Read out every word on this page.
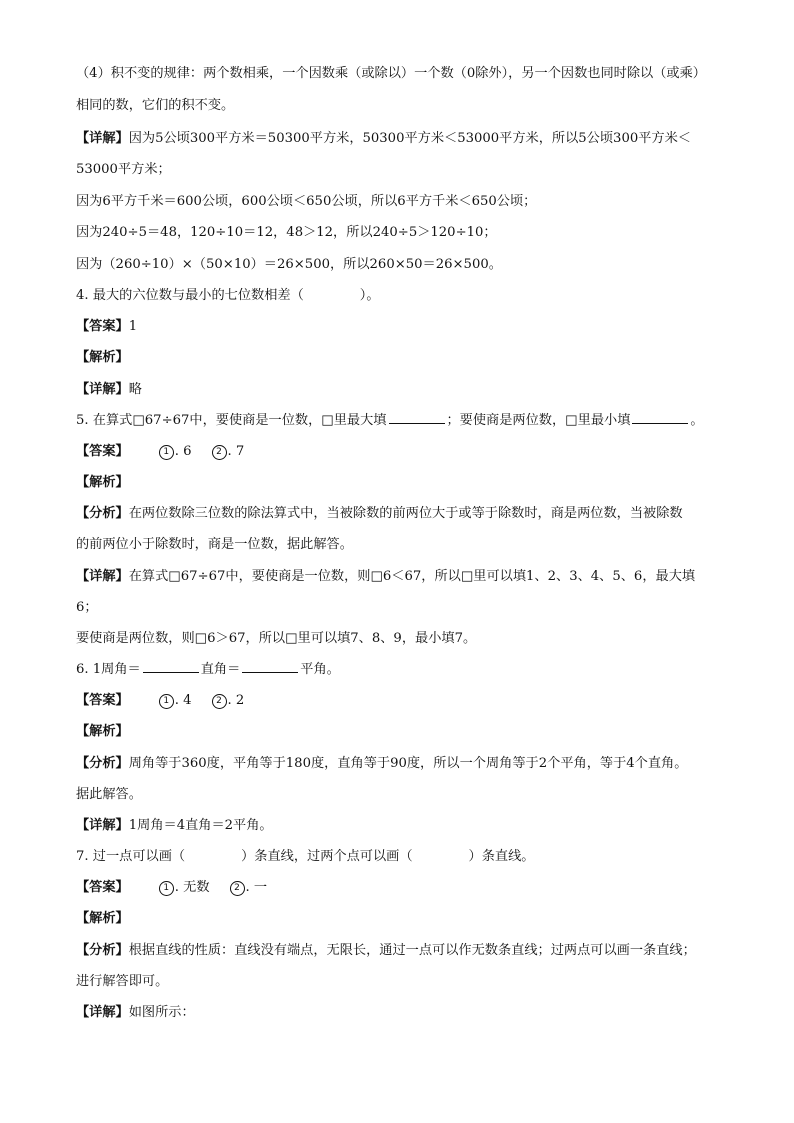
（4）积不变的规律：两个数相乘，一个因数乘（或除以）一个数（0除外），另一个因数也同时除以（或乘）
相同的数，它们的积不变。
【详解】因为5公顷300平方米＝50300平方米，50300平方米＜53000平方米，所以5公顷300平方米＜
53000平方米；
因为6平方千米＝600公顷，600公顷＜650公顷，所以6平方千米＜650公顷；
因为240÷5＝48，120÷10＝12，48＞12，所以240÷5＞120÷10；
因为（260÷10）×（50×10）＝26×500，所以260×50＝26×500。
4. 最大的六位数与最小的七位数相差（	）。
【答案】1
【解析】
【详解】略
5. 在算式□67÷67中，要使商是一位数，□里最大填	；要使商是两位数，□里最小填	。
【答案】	1 . 6	2 . 7
【解析】
【分析】在两位数除三位数的除法算式中，当被除数的前两位大于或等于除数时，商是两位数，当被除数
的前两位小于除数时，商是一位数，据此解答。
【详解】在算式□67÷67中，要使商是一位数，则□6＜67，所以□里可以填1、2、3、4、5、6，最大填
6；
要使商是两位数，则□6＞67，所以□里可以填7、8、9，最小填7。
6. 1周角＝	直角＝	平角。
【答案】	1 . 4	2 . 2
【解析】
【分析】周角等于360度，平角等于180度，直角等于90度，所以一个周角等于2个平角，等于4个直角。
据此解答。
【详解】1周角＝4直角＝2平角。
7. 过一点可以画（	）条直线，过两个点可以画（	）条直线。
【答案】	1 . 无数	2 . 一
【解析】
【分析】根据直线的性质：直线没有端点，无限长，通过一点可以作无数条直线；过两点可以画一条直线；
进行解答即可。
【详解】如图所示：
